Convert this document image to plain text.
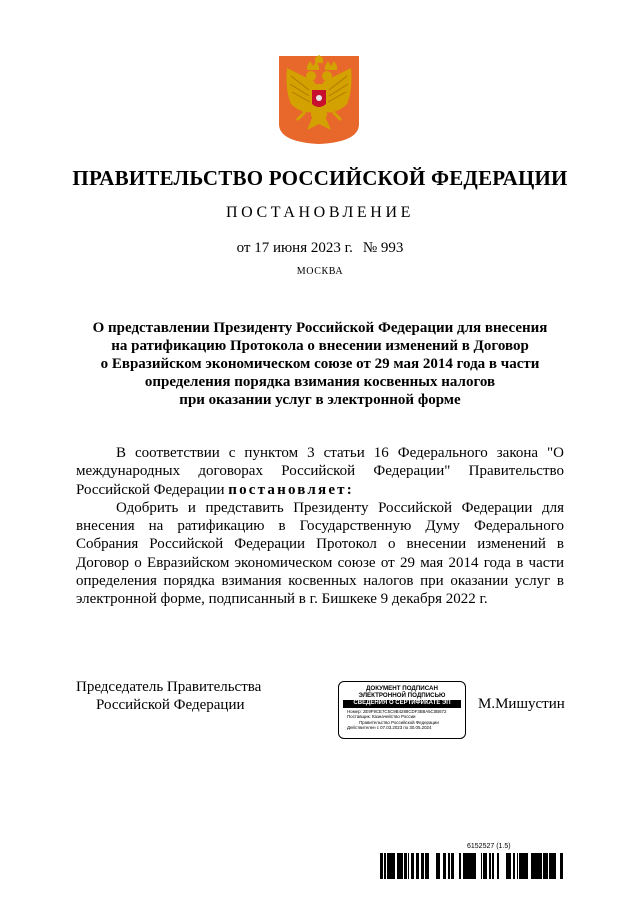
ПРАВИТЕЛЬСТВО РОССИЙСКОЙ ФЕДЕРАЦИИ
ПОСТАНОВЛЕНИЕ
от 17 июня 2023 г. № 993
МОСКВА
О представлении Президенту Российской Федерации для внесения
на ратификацию Протокола о внесении изменений в Договор
о Евразийском экономическом союзе от 29 мая 2014 года в части
определения порядка взимания косвенных налогов
при оказании услуг в электронной форме

В соответствии с пунктом 3 статьи 16 Федерального закона "О международных договорах Российской Федерации" Правительство Российской Федерации постановляет:

Одобрить и представить Президенту Российской Федерации для внесения на ратификацию в Государственную Думу Федерального Собрания Российской Федерации Протокол о внесении изменений в Договор о Евразийском экономическом союзе от 29 мая 2014 года в части определения порядка взимания косвенных налогов при оказании услуг в электронной форме, подписанный в г. Бишкеке 9 декабря 2022 г.

Председатель Правительства
Российской Федерации
ДОКУМЕНТ ПОДПИСАН
ЭЛЕКТРОННОЙ ПОДПИСЬЮ
СВЕДЕНИЯ О СЕРТИФИКАТЕ ЭП
Номер: 2E9F9CE7C5C9B4288CDF3B8A5C0B672
Поставщик: Казначейство России
Правительство Российской Федерации
Действителен с 07.03.2023 по 30.05.2024
М.Мишустин
6152527 (1.5)
